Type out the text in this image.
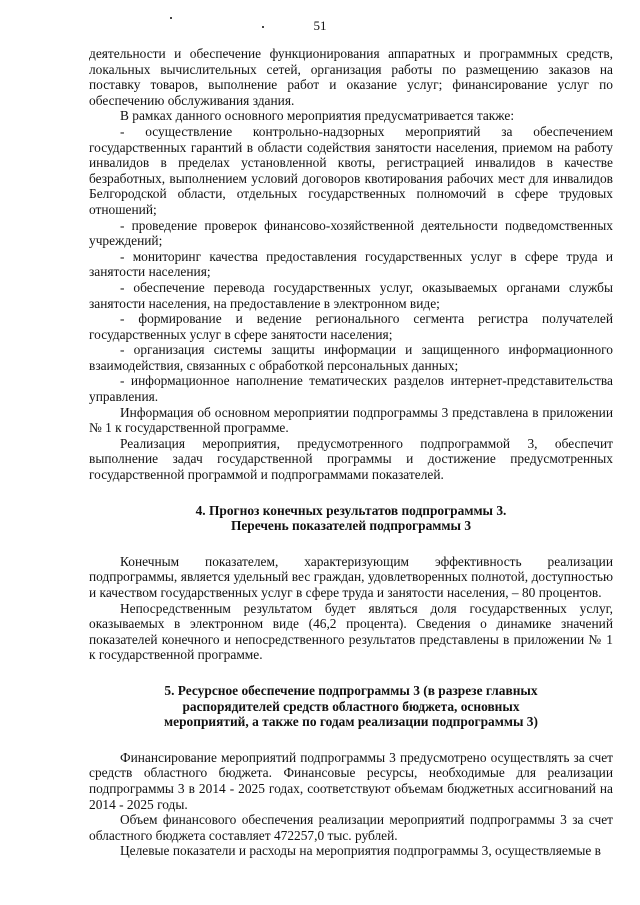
51

деятельности и обеспечение функционирования аппаратных и программных средств, локальных вычислительных сетей, организация работы по размещению заказов на поставку товаров, выполнение работ и оказание услуг; финансирование услуг по обеспечению обслуживания здания.

В рамках данного основного мероприятия предусматривается также:

- осуществление контрольно-надзорных мероприятий за обеспечением государственных гарантий в области содействия занятости населения, приемом на работу инвалидов в пределах установленной квоты, регистрацией инвалидов в качестве безработных, выполнением условий договоров квотирования рабочих мест для инвалидов Белгородской области, отдельных государственных полномочий в сфере трудовых отношений;

- проведение проверок финансово-хозяйственной деятельности подведомственных учреждений;

- мониторинг качества предоставления государственных услуг в сфере труда и занятости населения;

- обеспечение перевода государственных услуг, оказываемых органами службы занятости населения, на предоставление в электронном виде;

- формирование и ведение регионального сегмента регистра получателей государственных услуг в сфере занятости населения;

- организация системы защиты информации и защищенного информационного взаимодействия, связанных с обработкой персональных данных;

- информационное наполнение тематических разделов интернет-представительства управления.

Информация об основном мероприятии подпрограммы 3 представлена в приложении № 1 к государственной программе.

Реализация мероприятия, предусмотренного подпрограммой 3, обеспечит выполнение задач государственной программы и достижение предусмотренных государственной программой и подпрограммами показателей.

4. Прогноз конечных результатов подпрограммы 3.
Перечень показателей подпрограммы 3

Конечным показателем, характеризующим эффективность реализации подпрограммы, является удельный вес граждан, удовлетворенных полнотой, доступностью и качеством государственных услуг в сфере труда и занятости населения, – 80 процентов.

Непосредственным результатом будет являться доля государственных услуг, оказываемых в электронном виде (46,2 процента). Сведения о динамике значений показателей конечного и непосредственного результатов представлены в приложении № 1 к государственной программе.

5. Ресурсное обеспечение подпрограммы 3 (в разрезе главных
распорядителей средств областного бюджета, основных
мероприятий, а также по годам реализации подпрограммы 3)

Финансирование мероприятий подпрограммы 3 предусмотрено осуществлять за счет средств областного бюджета. Финансовые ресурсы, необходимые для реализации подпрограммы 3 в 2014 - 2025 годах, соответствуют объемам бюджетных ассигнований на 2014 - 2025 годы.

Объем финансового обеспечения реализации мероприятий подпрограммы 3 за счет областного бюджета составляет 472257,0 тыс. рублей.

Целевые показатели и расходы на мероприятия подпрограммы 3, осуществляемые в
